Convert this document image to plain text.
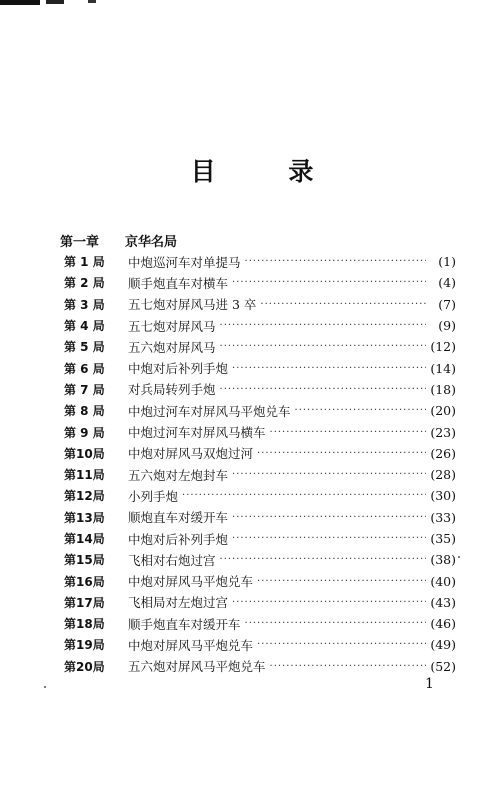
目 录
第一章 京华名局
第 1 局	中炮巡河车对单提马 ·····	(1)
第 2 局	顺手炮直车对横车 ·····	(4)
第 3 局	五七炮对屏风马进 3 卒 ·····	(7)
第 4 局	五七炮对屏风马 ·····	(9)
第 5 局	五六炮对屏风马 ·····	(12)
第 6 局	中炮对后补列手炮 ·····	(14)
第 7 局	对兵局转列手炮 ·····	(18)
第 8 局	中炮过河车对屏风马平炮兑车 ·····	(20)
第 9 局	中炮过河车对屏风马横车 ·····	(23)
第10局	中炮对屏风马双炮过河 ·····	(26)
第11局	五六炮对左炮封车 ·····	(28)
第12局	小列手炮 ·····	(30)
第13局	顺炮直车对缓开车 ·····	(33)
第14局	中炮对后补列手炮 ·····	(35)
第15局	飞相对右炮过宫 ·····	(38)
第16局	中炮对屏风马平炮兑车 ·····	(40)
第17局	飞相局对左炮过宫 ·····	(43)
第18局	顺手炮直车对缓开车 ·····	(46)
第19局	中炮对屏风马平炮兑车 ·····	(49)
第20局	五六炮对屏风马平炮兑车 ·····	(52)
1
